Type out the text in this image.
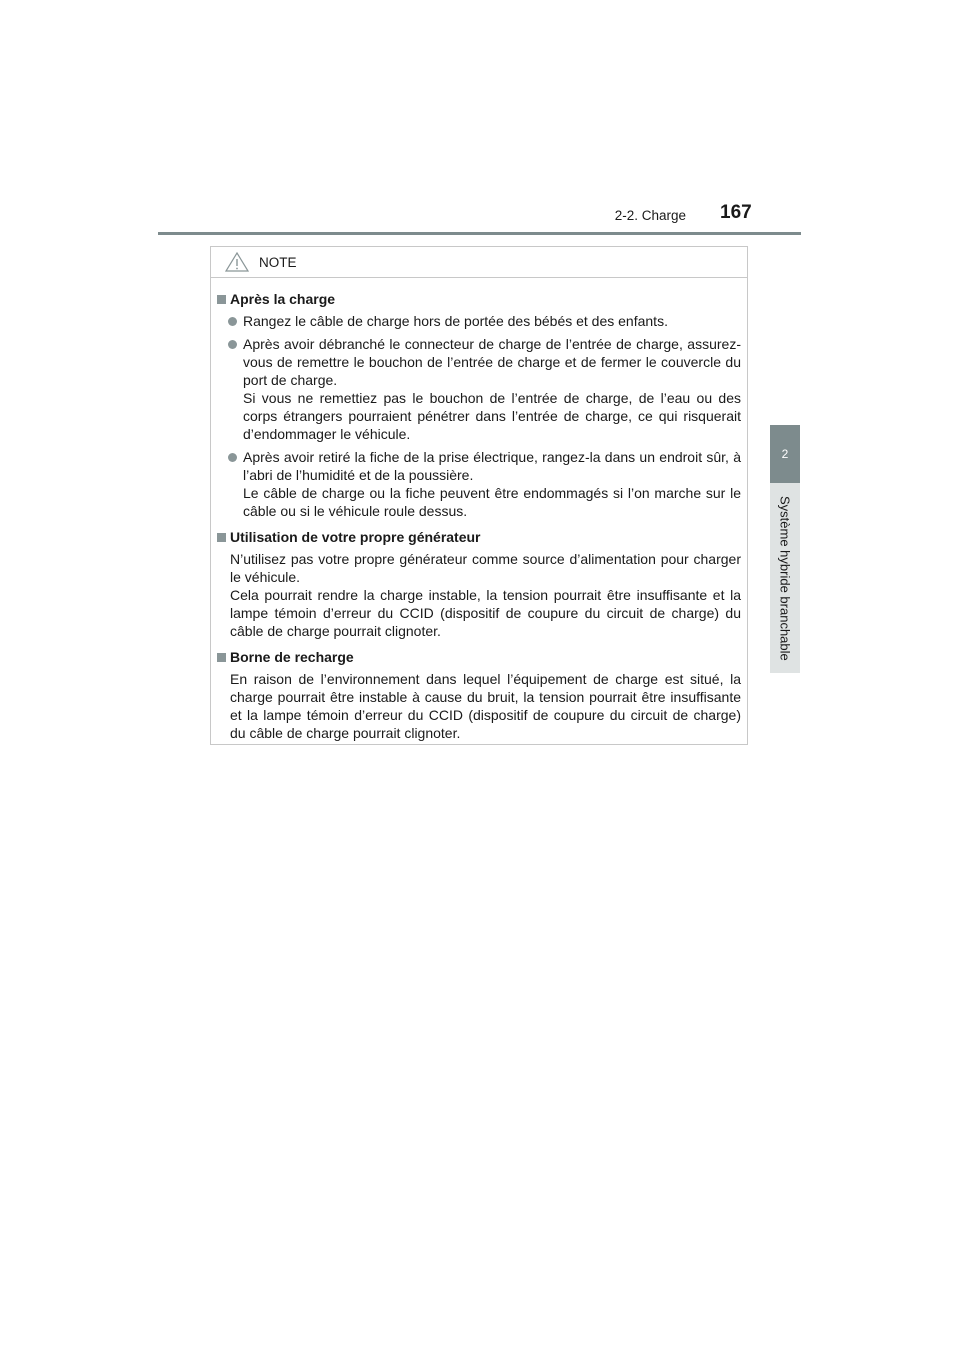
2-2. Charge 167
2
Système hybride branchable
NOTE
Après la charge
Rangez le câble de charge hors de portée des bébés et des enfants.
Après avoir débranché le connecteur de charge de l’entrée de charge, assurez-vous de remettre le bouchon de l’entrée de charge et de fermer le couvercle du port de charge.
Si vous ne remettiez pas le bouchon de l’entrée de charge, de l’eau ou des corps étrangers pourraient pénétrer dans l’entrée de charge, ce qui risquerait d’endommager le véhicule.
Après avoir retiré la fiche de la prise électrique, rangez-la dans un endroit sûr, à l’abri de l’humidité et de la poussière.
Le câble de charge ou la fiche peuvent être endommagés si l’on marche sur le câble ou si le véhicule roule dessus.
Utilisation de votre propre générateur
N’utilisez pas votre propre générateur comme source d’alimentation pour charger le véhicule.
Cela pourrait rendre la charge instable, la tension pourrait être insuffisante et la lampe témoin d’erreur du CCID (dispositif de coupure du circuit de charge) du câble de charge pourrait clignoter.
Borne de recharge
En raison de l’environnement dans lequel l’équipement de charge est situé, la charge pourrait être instable à cause du bruit, la tension pourrait être insuffisante et la lampe témoin d’erreur du CCID (dispositif de coupure du circuit de charge) du câble de charge pourrait clignoter.
